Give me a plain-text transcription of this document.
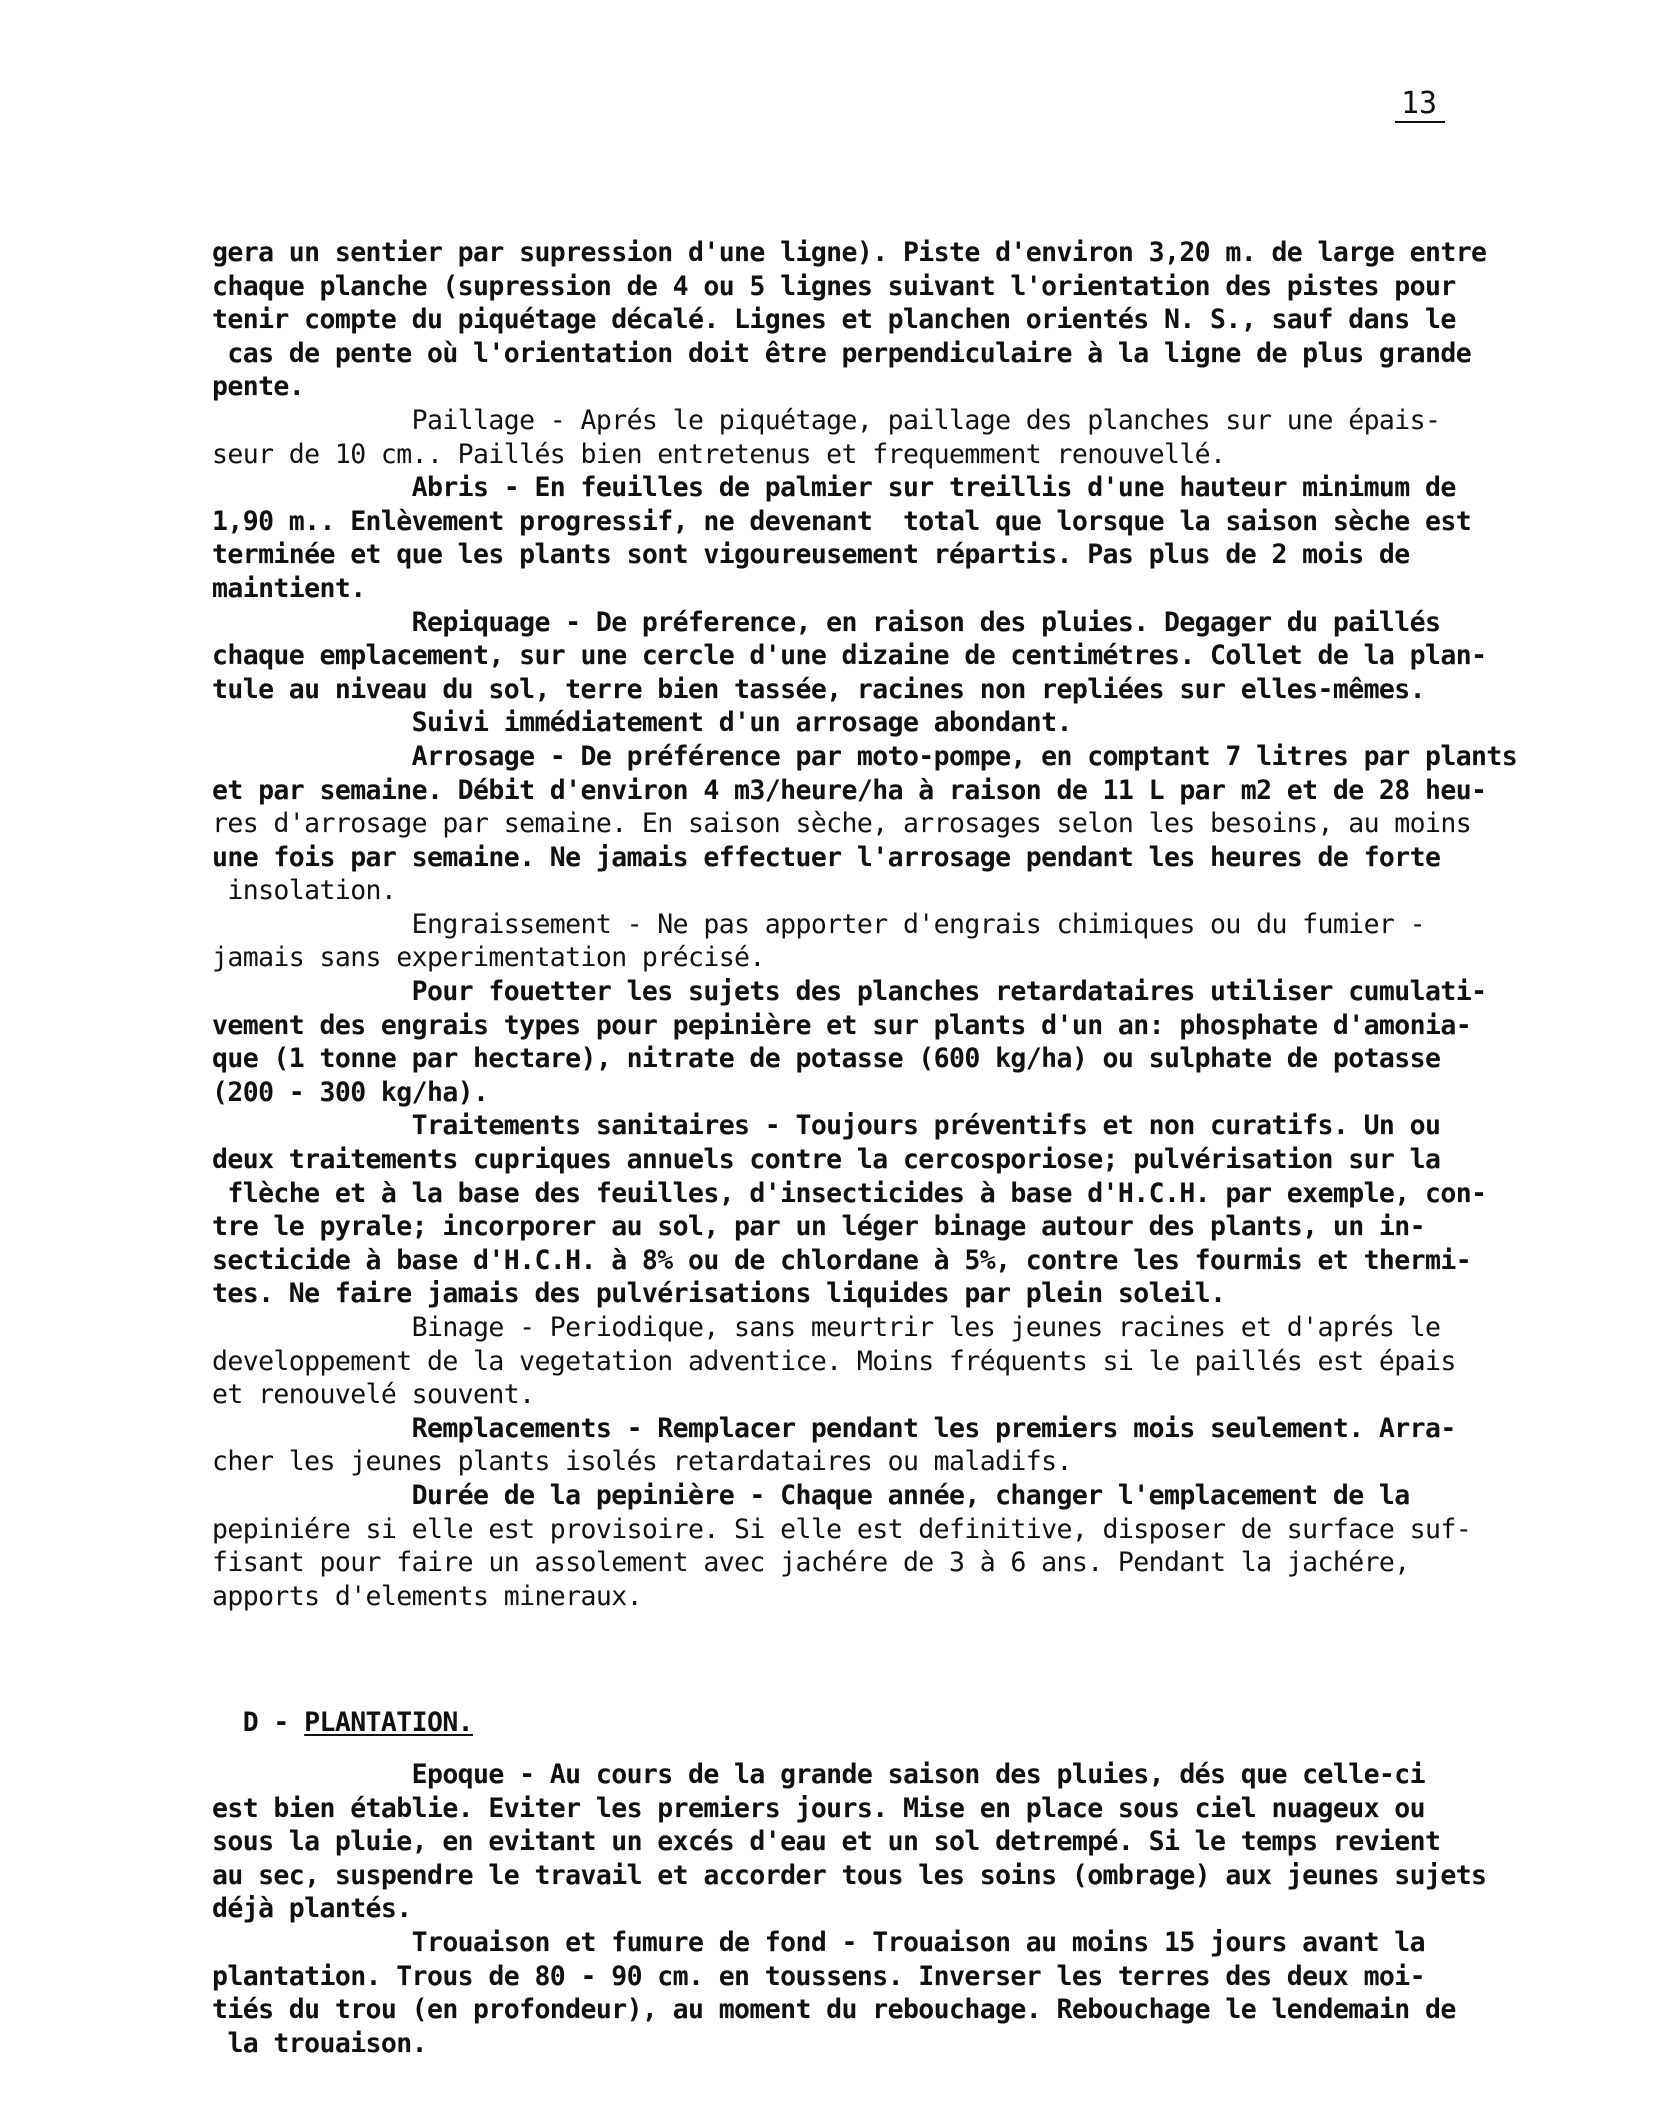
13
gera un sentier par supression d'une ligne). Piste d'environ 3,20 m. de large entre
chaque planche (supression de 4 ou 5 lignes suivant l'orientation des pistes pour
tenir compte du piquétage décalé. Lignes et planchen orientés N. S., sauf dans le
cas de pente où l'orientation doit être perpendiculaire à la ligne de plus grande
pente.
Paillage - Aprés le piquétage, paillage des planches sur une épais-
seur de 10 cm.. Paillés bien entretenus et frequemment renouvellé.
Abris - En feuilles de palmier sur treillis d'une hauteur minimum de
1,90 m.. Enlèvement progressif, ne devenant  total que lorsque la saison sèche est
terminée et que les plants sont vigoureusement répartis. Pas plus de 2 mois de
maintient.
Repiquage - De préference, en raison des pluies. Degager du paillés
chaque emplacement, sur une cercle d'une dizaine de centimétres. Collet de la plan-
tule au niveau du sol, terre bien tassée, racines non repliées sur elles-mêmes.
Suivi immédiatement d'un arrosage abondant.
Arrosage - De préférence par moto-pompe, en comptant 7 litres par plants
et par semaine. Débit d'environ 4 m3/heure/ha à raison de 11 L par m2 et de 28 heu-
res d'arrosage par semaine. En saison sèche, arrosages selon les besoins, au moins
une fois par semaine. Ne jamais effectuer l'arrosage pendant les heures de forte
insolation.
Engraissement - Ne pas apporter d'engrais chimiques ou du fumier -
jamais sans experimentation précisé.
Pour fouetter les sujets des planches retardataires utiliser cumulati-
vement des engrais types pour pepinière et sur plants d'un an: phosphate d'amonia-
que (1 tonne par hectare), nitrate de potasse (600 kg/ha) ou sulphate de potasse
(200 - 300 kg/ha).
Traitements sanitaires - Toujours préventifs et non curatifs. Un ou
deux traitements cupriques annuels contre la cercosporiose; pulvérisation sur la
flèche et à la base des feuilles, d'insecticides à base d'H.C.H. par exemple, con-
tre le pyrale; incorporer au sol, par un léger binage autour des plants, un in-
secticide à base d'H.C.H. à 8% ou de chlordane à 5%, contre les fourmis et thermi-
tes. Ne faire jamais des pulvérisations liquides par plein soleil.
Binage - Periodique, sans meurtrir les jeunes racines et d'aprés le
developpement de la vegetation adventice. Moins fréquents si le paillés est épais
et renouvelé souvent.
Remplacements - Remplacer pendant les premiers mois seulement. Arra-
cher les jeunes plants isolés retardataires ou maladifs.
Durée de la pepinière - Chaque année, changer l'emplacement de la
pepiniére si elle est provisoire. Si elle est definitive, disposer de surface suf-
fisant pour faire un assolement avec jachére de 3 à 6 ans. Pendant la jachére,
apports d'elements mineraux.

D - PLANTATION.

Epoque - Au cours de la grande saison des pluies, dés que celle-ci
est bien établie. Eviter les premiers jours. Mise en place sous ciel nuageux ou
sous la pluie, en evitant un excés d'eau et un sol detrempé. Si le temps revient
au sec, suspendre le travail et accorder tous les soins (ombrage) aux jeunes sujets
déjà plantés.
Trouaison et fumure de fond - Trouaison au moins 15 jours avant la
plantation. Trous de 80 - 90 cm. en toussens. Inverser les terres des deux moi-
tiés du trou (en profondeur), au moment du rebouchage. Rebouchage le lendemain de
la trouaison.
